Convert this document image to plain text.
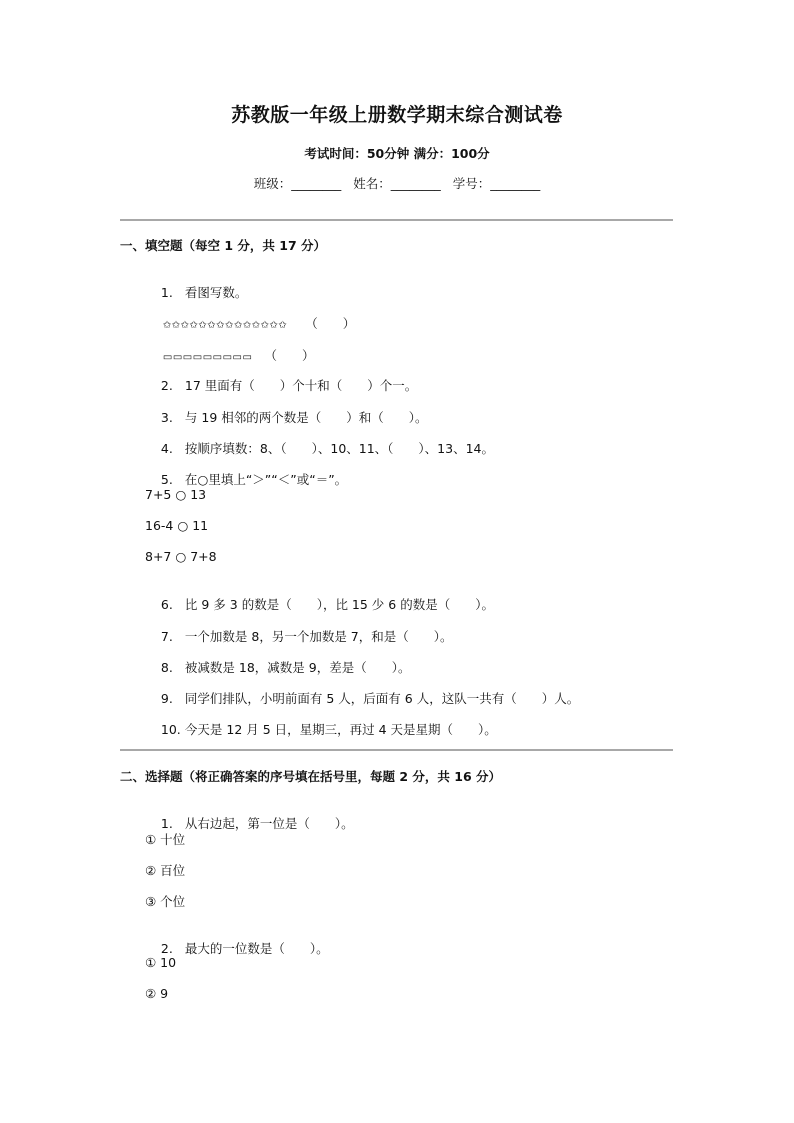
苏教版一年级上册数学期末综合测试卷
考试时间：50分钟 满分：100分
班级：________ 姓名：________ 学号：________
一、填空题（每空 1 分，共 17 分）

1. 看图写数。

✩✩✩✩✩✩✩✩✩✩✩✩✩✩ （　　）

▭▭▭▭▭▭▭▭▭ （　　）

2. 17 里面有（　　）个十和（　　）个一。

3. 与 19 相邻的两个数是（　　）和（　　）。

4. 按顺序填数：8、（　　）、10、11、（　　）、13、14。

5. 在○里填上“＞”“＜”或“＝”。

7+5 ○ 13
16-4 ○ 11
8+7 ○ 7+8

6. 比 9 多 3 的数是（　　），比 15 少 6 的数是（　　）。

7. 一个加数是 8，另一个加数是 7，和是（　　）。

8. 被减数是 18，减数是 9，差是（　　）。

9. 同学们排队，小明前面有 5 人，后面有 6 人，这队一共有（　　）人。

10. 今天是 12 月 5 日，星期三，再过 4 天是星期（　　）。

二、选择题（将正确答案的序号填在括号里，每题 2 分，共 16 分）

1. 从右边起，第一位是（　　）。

① 十位
② 百位
③ 个位

2. 最大的一位数是（　　）。

① 10
② 9
